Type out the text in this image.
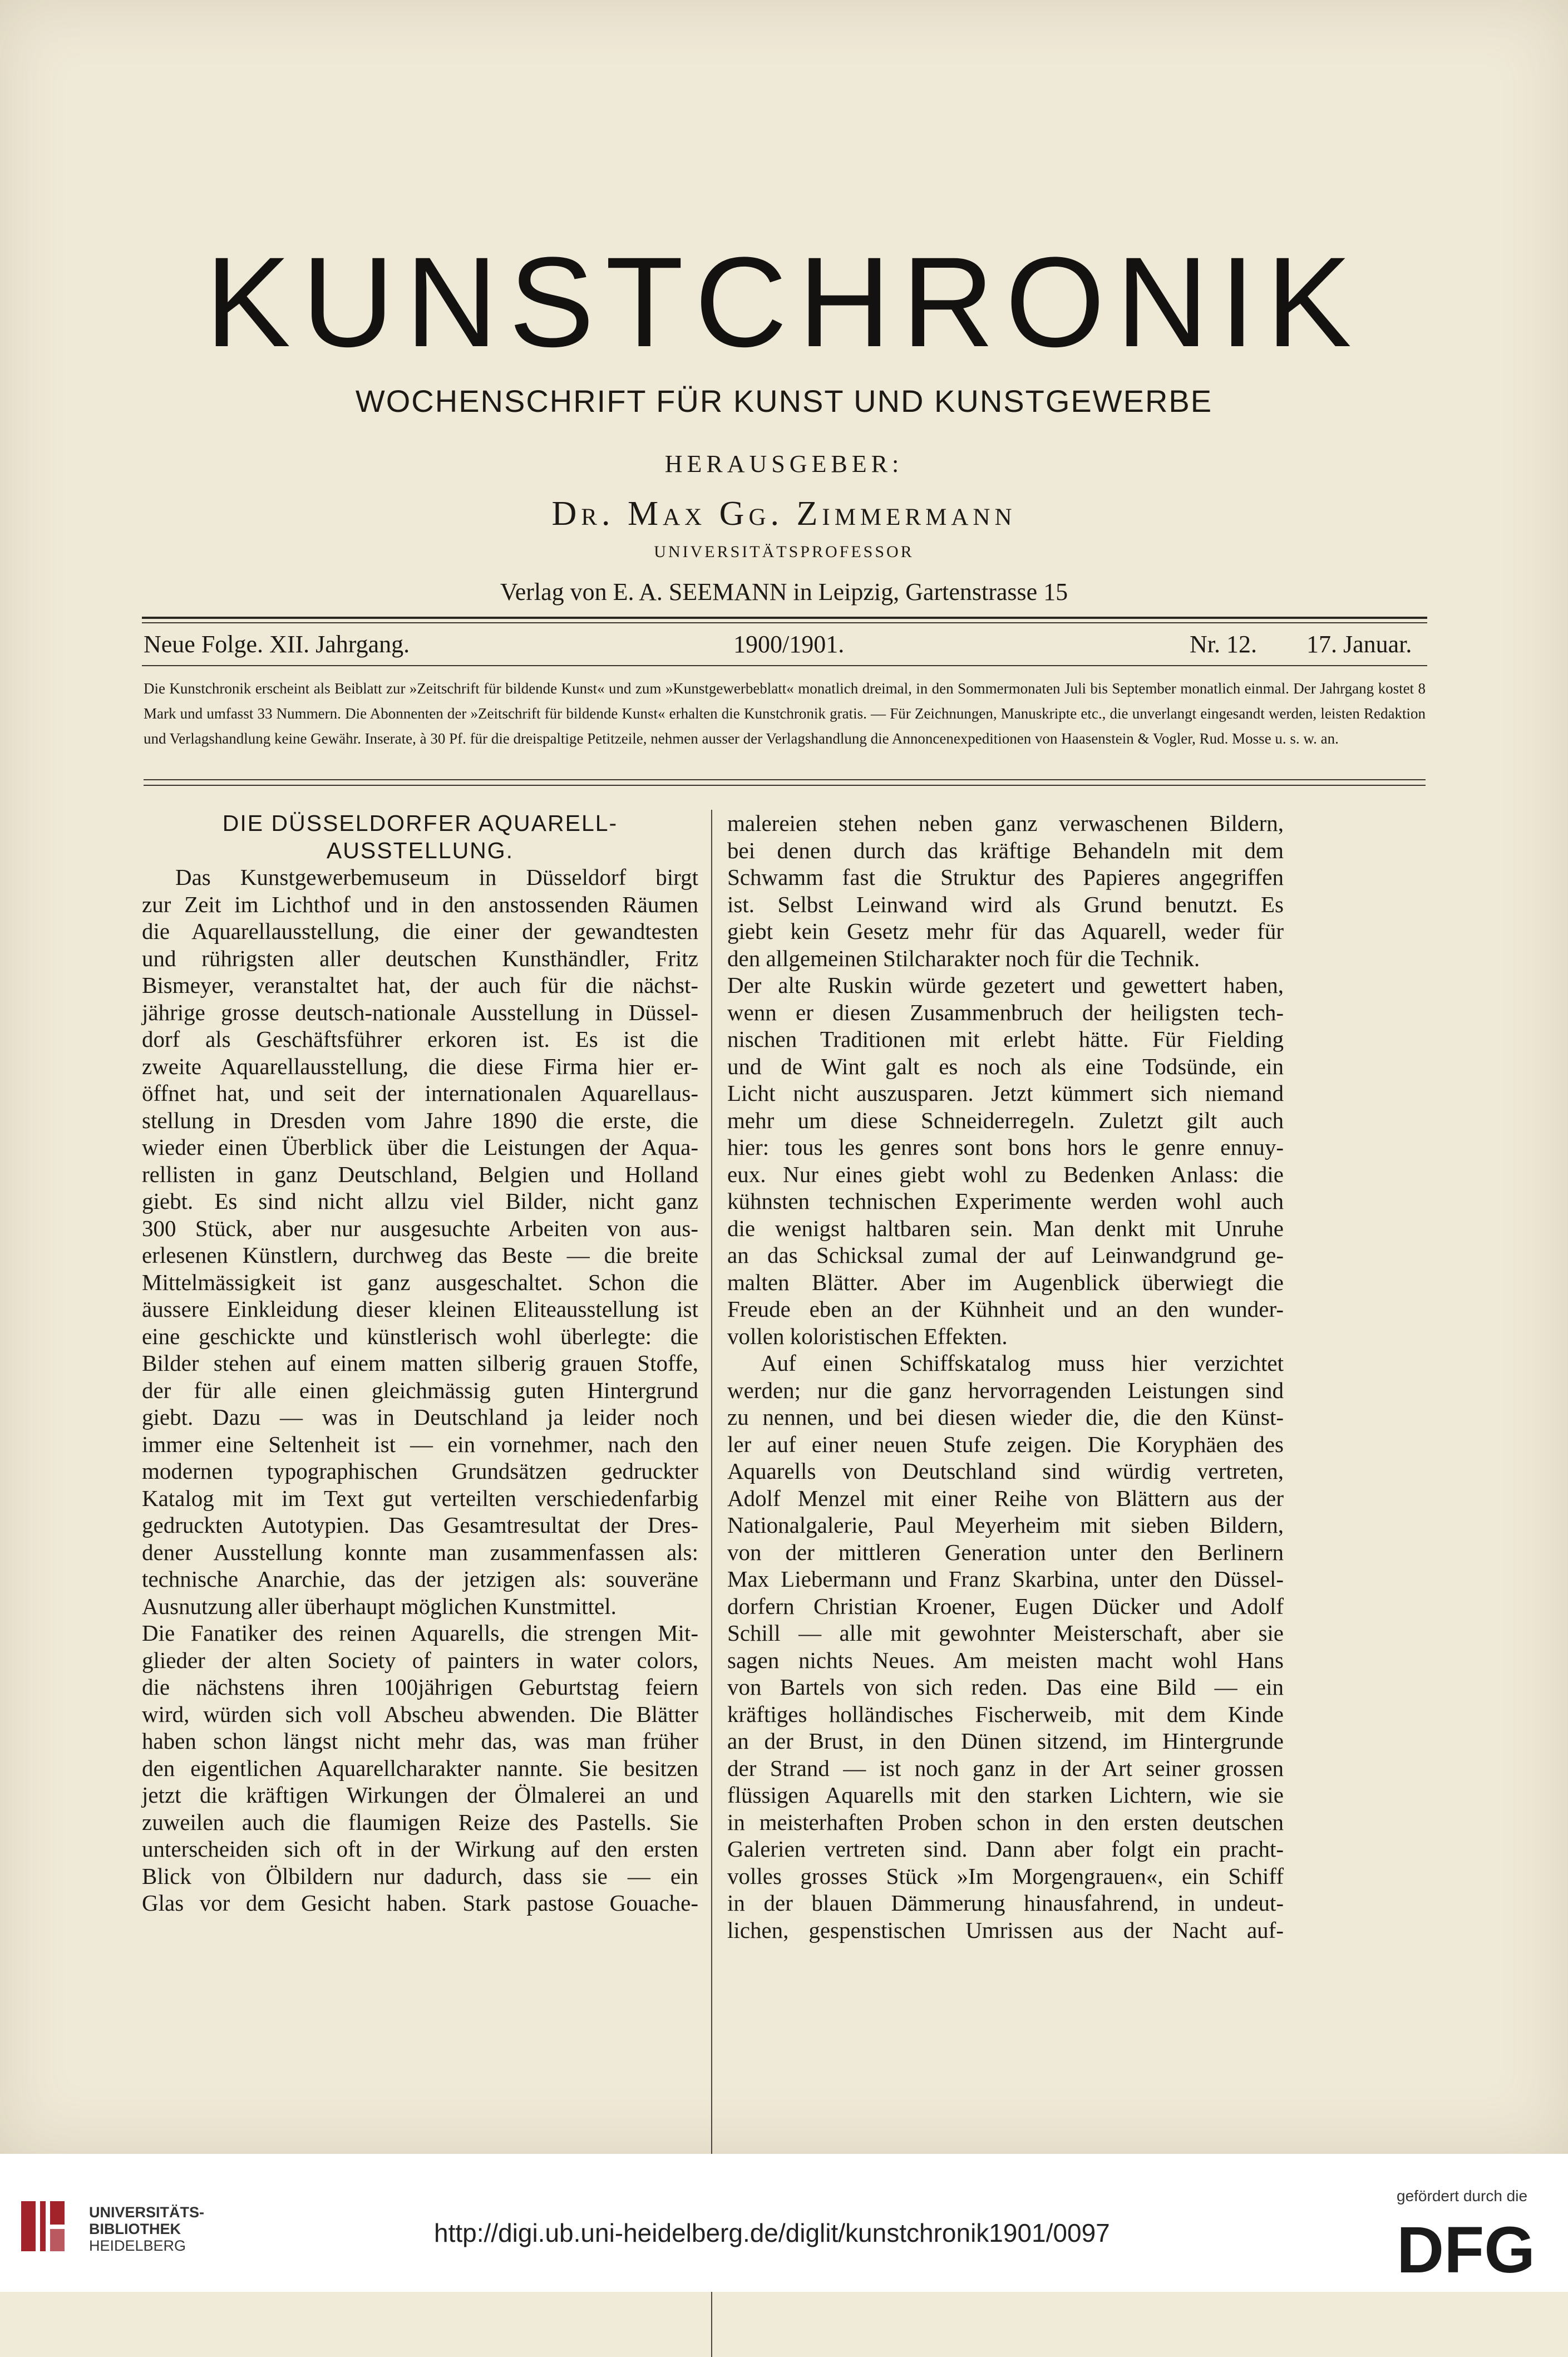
KUNSTCHRONIK
WOCHENSCHRIFT FÜR KUNST UND KUNSTGEWERBE
HERAUSGEBER:
Dr. Max Gg. Zimmermann
UNIVERSITÄTSPROFESSOR
Verlag von E. A. SEEMANN in Leipzig, Gartenstrasse 15
Neue Folge. XII. Jahrgang.	1900/1901.	Nr. 12. 17. Januar.
Die Kunstchronik erscheint als Beiblatt zur »Zeitschrift für bildende Kunst« und zum »Kunstgewerbeblatt« monatlich dreimal, in den Sommermonaten Juli bis September monatlich einmal. Der Jahrgang kostet 8 Mark und umfasst 33 Nummern. Die Abonnenten der »Zeitschrift für bildende Kunst« erhalten die Kunstchronik gratis. — Für Zeichnungen, Manuskripte etc., die unverlangt eingesandt werden, leisten Redaktion und Verlagshandlung keine Gewähr. Inserate, à 30 Pf. für die dreispaltige Petitzeile, nehmen ausser der Verlagshandlung die Annoncenexpeditionen von Haasenstein & Vogler, Rud. Mosse u. s. w. an.
DIE DÜSSELDORFER AQUARELL-
AUSSTELLUNG.
Das Kunstgewerbemuseum in Düsseldorf birgt
zur Zeit im Lichthof und in den anstossenden Räumen
die Aquarellausstellung, die einer der gewandtesten
und rührigsten aller deutschen Kunsthändler, Fritz
Bismeyer, veranstaltet hat, der auch für die nächst-
jährige grosse deutsch-nationale Ausstellung in Düssel-
dorf als Geschäftsführer erkoren ist. Es ist die
zweite Aquarellausstellung, die diese Firma hier er-
öffnet hat, und seit der internationalen Aquarellaus-
stellung in Dresden vom Jahre 1890 die erste, die
wieder einen Überblick über die Leistungen der Aqua-
rellisten in ganz Deutschland, Belgien und Holland
giebt. Es sind nicht allzu viel Bilder, nicht ganz
300 Stück, aber nur ausgesuchte Arbeiten von aus-
erlesenen Künstlern, durchweg das Beste — die breite
Mittelmässigkeit ist ganz ausgeschaltet. Schon die
äussere Einkleidung dieser kleinen Eliteausstellung ist
eine geschickte und künstlerisch wohl überlegte: die
Bilder stehen auf einem matten silberig grauen Stoffe,
der für alle einen gleichmässig guten Hintergrund
giebt. Dazu — was in Deutschland ja leider noch
immer eine Seltenheit ist — ein vornehmer, nach den
modernen typographischen Grundsätzen gedruckter
Katalog mit im Text gut verteilten verschiedenfarbig
gedruckten Autotypien. Das Gesamtresultat der Dres-
dener Ausstellung konnte man zusammenfassen als:
technische Anarchie, das der jetzigen als: souveräne
Ausnutzung aller überhaupt möglichen Kunstmittel.
Die Fanatiker des reinen Aquarells, die strengen Mit-
glieder der alten Society of painters in water colors,
die nächstens ihren 100jährigen Geburtstag feiern
wird, würden sich voll Abscheu abwenden. Die Blätter
haben schon längst nicht mehr das, was man früher
den eigentlichen Aquarellcharakter nannte. Sie besitzen
jetzt die kräftigen Wirkungen der Ölmalerei an und
zuweilen auch die flaumigen Reize des Pastells. Sie
unterscheiden sich oft in der Wirkung auf den ersten
Blick von Ölbildern nur dadurch, dass sie — ein
Glas vor dem Gesicht haben. Stark pastose Gouache-
malereien stehen neben ganz verwaschenen Bildern,
bei denen durch das kräftige Behandeln mit dem
Schwamm fast die Struktur des Papieres angegriffen
ist. Selbst Leinwand wird als Grund benutzt. Es
giebt kein Gesetz mehr für das Aquarell, weder für
den allgemeinen Stilcharakter noch für die Technik.
Der alte Ruskin würde gezetert und gewettert haben,
wenn er diesen Zusammenbruch der heiligsten tech-
nischen Traditionen mit erlebt hätte. Für Fielding
und de Wint galt es noch als eine Todsünde, ein
Licht nicht auszusparen. Jetzt kümmert sich niemand
mehr um diese Schneiderregeln. Zuletzt gilt auch
hier: tous les genres sont bons hors le genre ennuy-
eux. Nur eines giebt wohl zu Bedenken Anlass: die
kühnsten technischen Experimente werden wohl auch
die wenigst haltbaren sein. Man denkt mit Unruhe
an das Schicksal zumal der auf Leinwandgrund ge-
malten Blätter. Aber im Augenblick überwiegt die
Freude eben an der Kühnheit und an den wunder-
vollen koloristischen Effekten.
Auf einen Schiffskatalog muss hier verzichtet
werden; nur die ganz hervorragenden Leistungen sind
zu nennen, und bei diesen wieder die, die den Künst-
ler auf einer neuen Stufe zeigen. Die Koryphäen des
Aquarells von Deutschland sind würdig vertreten,
Adolf Menzel mit einer Reihe von Blättern aus der
Nationalgalerie, Paul Meyerheim mit sieben Bildern,
von der mittleren Generation unter den Berlinern
Max Liebermann und Franz Skarbina, unter den Düssel-
dorfern Christian Kroener, Eugen Dücker und Adolf
Schill — alle mit gewohnter Meisterschaft, aber sie
sagen nichts Neues. Am meisten macht wohl Hans
von Bartels von sich reden. Das eine Bild — ein
kräftiges holländisches Fischerweib, mit dem Kinde
an der Brust, in den Dünen sitzend, im Hintergrunde
der Strand — ist noch ganz in der Art seiner grossen
flüssigen Aquarells mit den starken Lichtern, wie sie
in meisterhaften Proben schon in den ersten deutschen
Galerien vertreten sind. Dann aber folgt ein pracht-
volles grosses Stück »Im Morgengrauen«, ein Schiff
in der blauen Dämmerung hinausfahrend, in undeut-
lichen, gespenstischen Umrissen aus der Nacht auf-
UNIVERSITÄTS-
BIBLIOTHEK
HEIDELBERG	http://digi.ub.uni-heidelberg.de/diglit/kunstchronik1901/0097
gefördert durch die
DFG
